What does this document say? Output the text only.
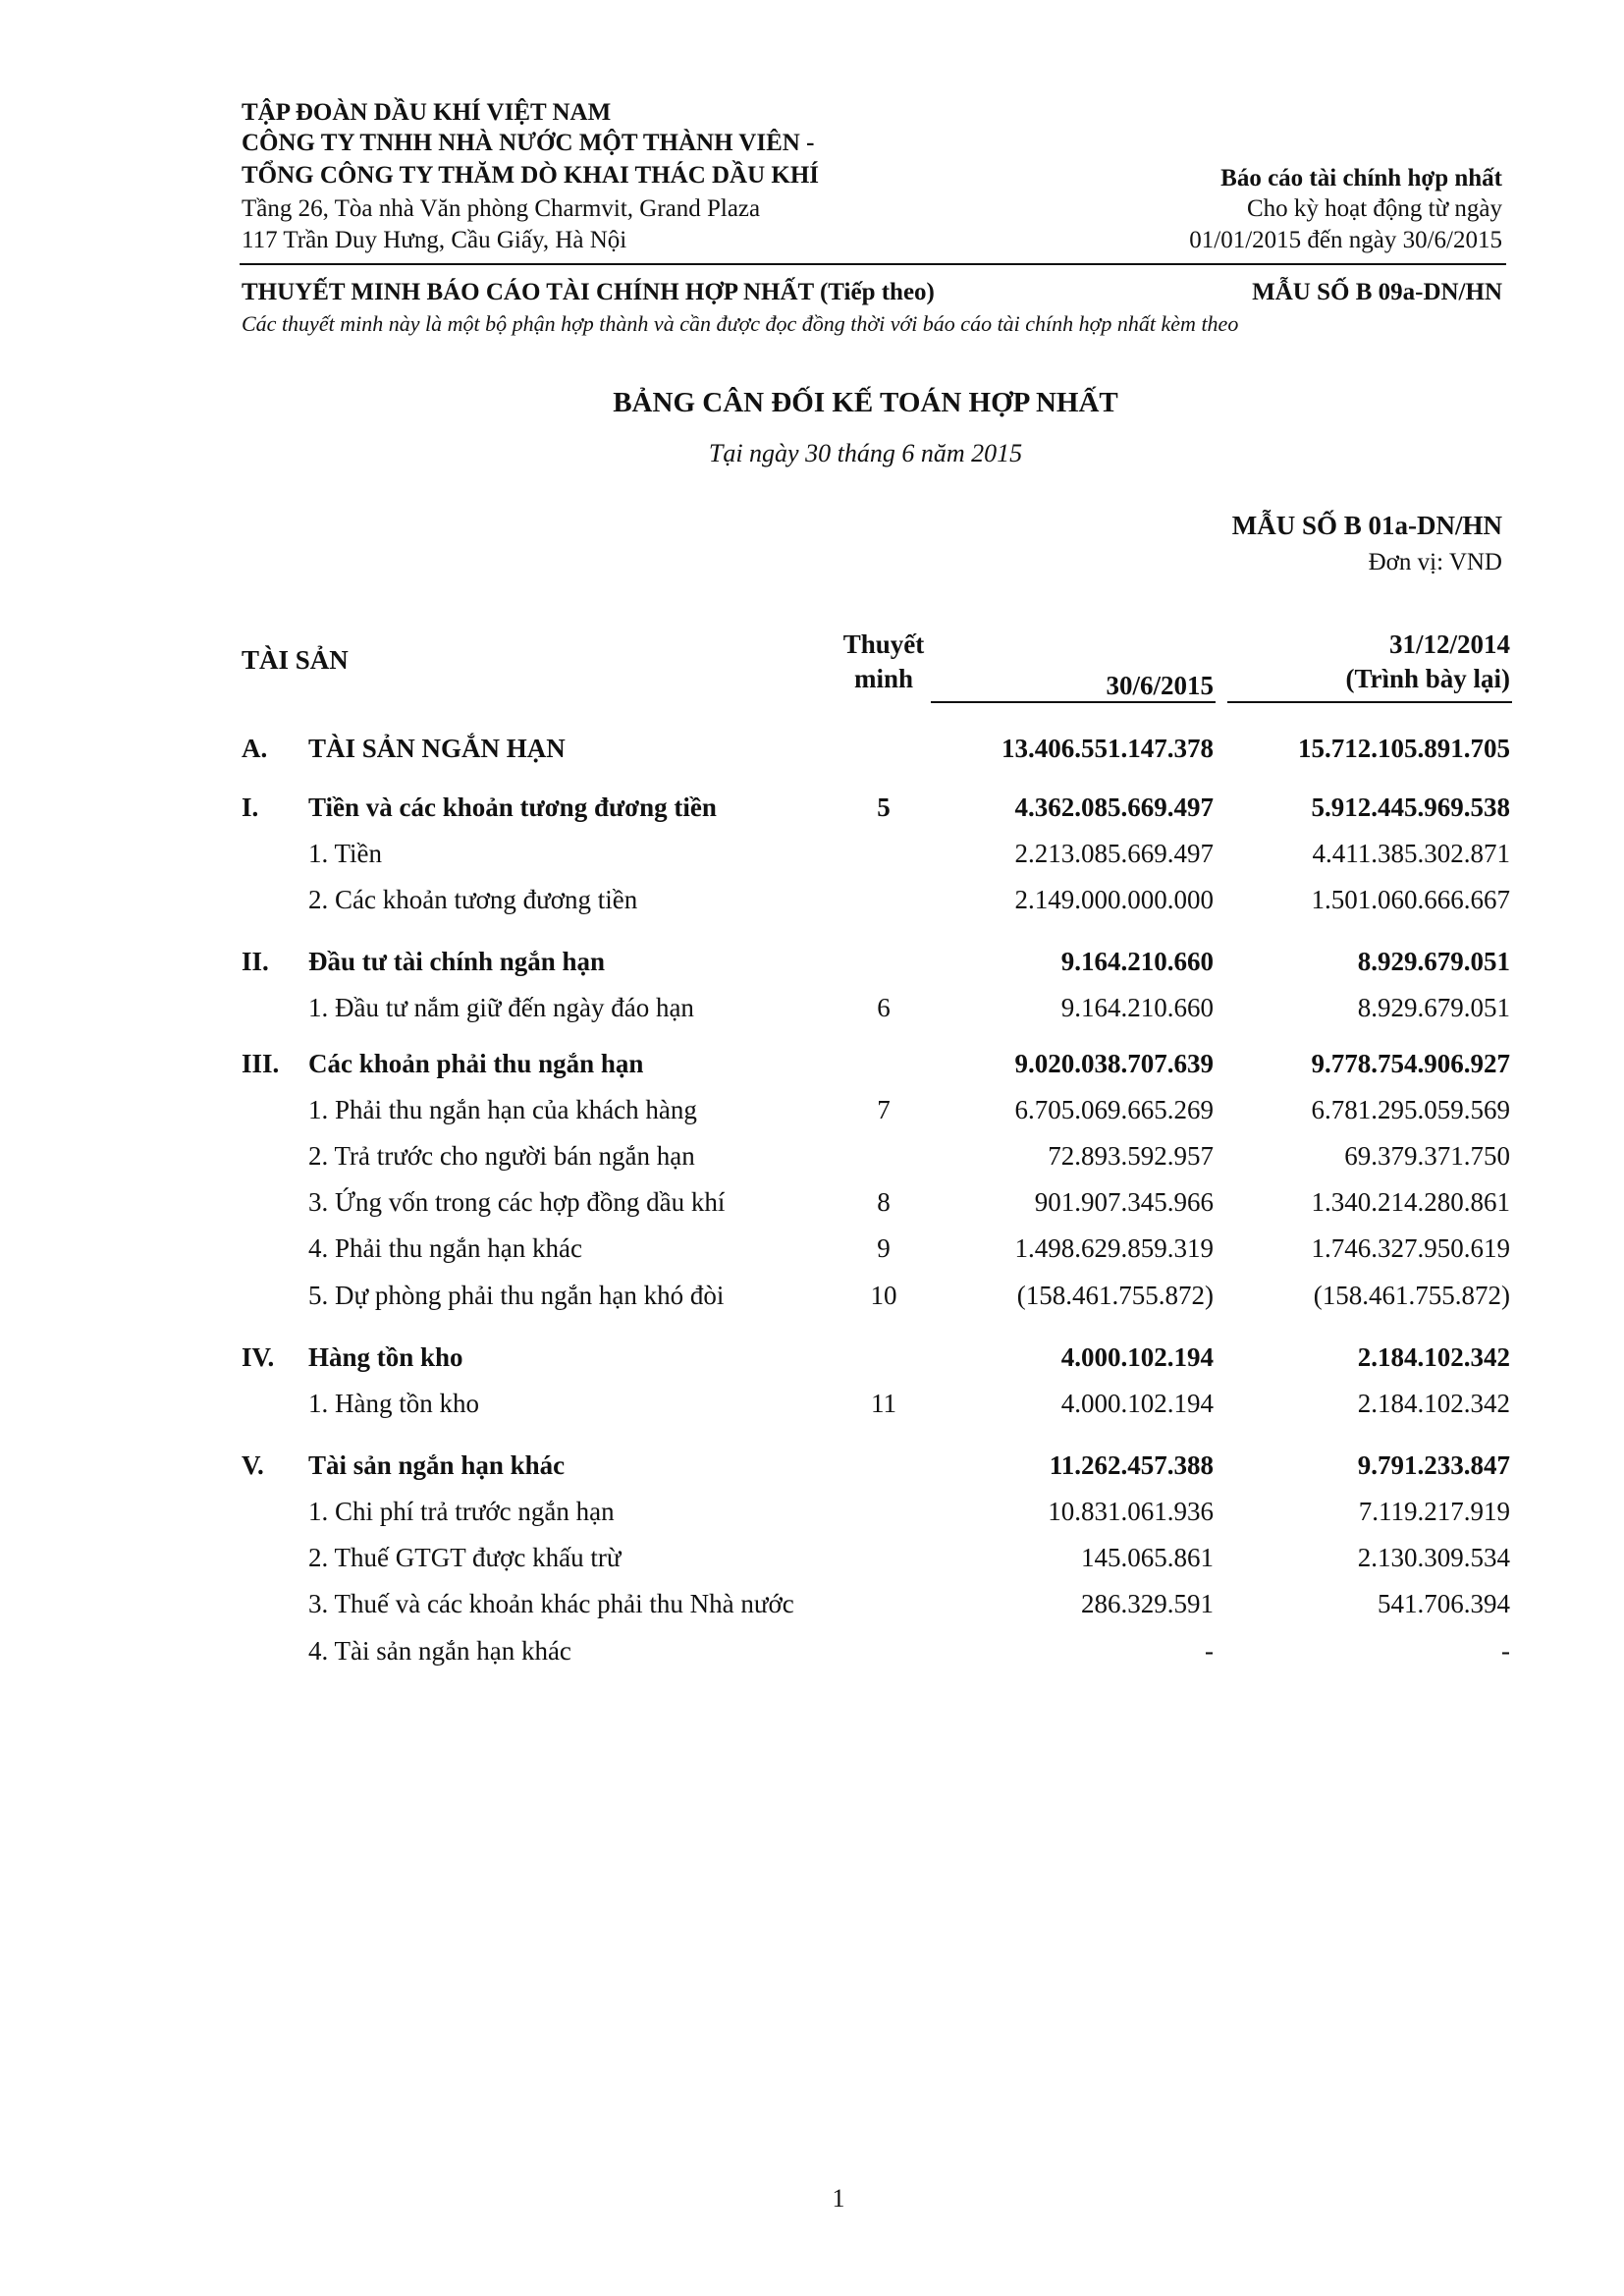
TẬP ĐOÀN DẦU KHÍ VIỆT NAM
CÔNG TY TNHH NHÀ NƯỚC MỘT THÀNH VIÊN -
TỔNG CÔNG TY THĂM DÒ KHAI THÁC DẦU KHÍ
Tầng 26, Tòa nhà Văn phòng Charmvit, Grand Plaza
117 Trần Duy Hưng, Cầu Giấy, Hà Nội
Báo cáo tài chính hợp nhất
Cho kỳ hoạt động từ ngày
01/01/2015 đến ngày 30/6/2015
THUYẾT MINH BÁO CÁO TÀI CHÍNH HỢP NHẤT (Tiếp theo)	MẪU SỐ B 09a-DN/HN
Các thuyết minh này là một bộ phận hợp thành và cần được đọc đồng thời với báo cáo tài chính hợp nhất kèm theo
BẢNG CÂN ĐỐI KẾ TOÁN HỢP NHẤT
Tại ngày 30 tháng 6 năm 2015
MẪU SỐ B 01a-DN/HN
Đơn vị: VND
TÀI SẢN
Thuyết
minh	30/6/2015
31/12/2014
(Trình bày lại)
A. TÀI SẢN NGẮN HẠN	13.406.551.147.378	15.712.105.891.705
I. Tiền và các khoản tương đương tiền	5	4.362.085.669.497	5.912.445.969.538
1. Tiền	2.213.085.669.497	4.411.385.302.871
2. Các khoản tương đương tiền	2.149.000.000.000	1.501.060.666.667
II. Đầu tư tài chính ngắn hạn	9.164.210.660	8.929.679.051
1. Đầu tư nắm giữ đến ngày đáo hạn	6	9.164.210.660	8.929.679.051
III. Các khoản phải thu ngắn hạn	9.020.038.707.639	9.778.754.906.927
1. Phải thu ngắn hạn của khách hàng	7	6.705.069.665.269	6.781.295.059.569
2. Trả trước cho người bán ngắn hạn	72.893.592.957	69.379.371.750
3. Ứng vốn trong các hợp đồng dầu khí	8	901.907.345.966	1.340.214.280.861
4. Phải thu ngắn hạn khác	9	1.498.629.859.319	1.746.327.950.619
5. Dự phòng phải thu ngắn hạn khó đòi	10	(158.461.755.872)	(158.461.755.872)
IV. Hàng tồn kho	4.000.102.194	2.184.102.342
1. Hàng tồn kho	11	4.000.102.194	2.184.102.342
V. Tài sản ngắn hạn khác	11.262.457.388	9.791.233.847
1. Chi phí trả trước ngắn hạn	10.831.061.936	7.119.217.919
2. Thuế GTGT được khấu trừ	145.065.861	2.130.309.534
3. Thuế và các khoản khác phải thu Nhà nước	286.329.591	541.706.394
4. Tài sản ngắn hạn khác	-	-
1
